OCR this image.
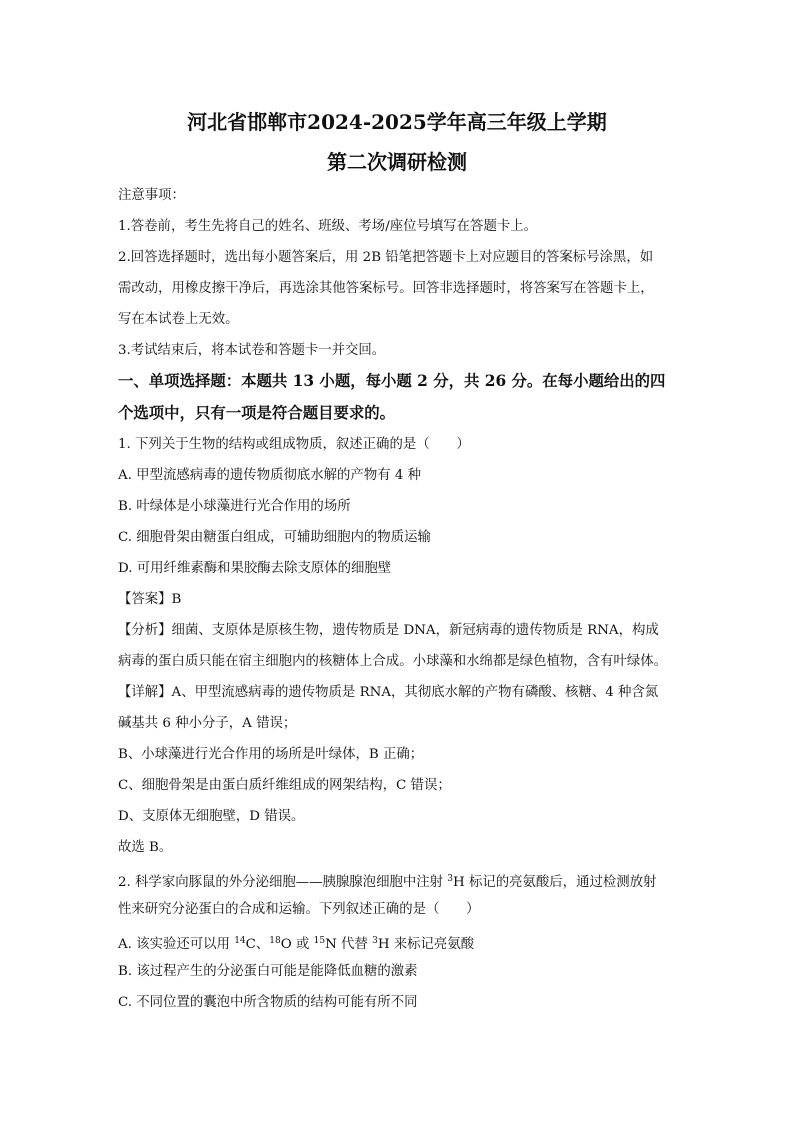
河北省邯郸市2024-2025学年高三年级上学期
第二次调研检测
注意事项：
1.答卷前，考生先将自己的姓名、班级、考场/座位号填写在答题卡上。
2.回答选择题时，选出每小题答案后，用 2B 铅笔把答题卡上对应题目的答案标号涂黑，如
需改动，用橡皮擦干净后，再选涂其他答案标号。回答非选择题时，将答案写在答题卡上，
写在本试卷上无效。
3.考试结束后，将本试卷和答题卡一并交回。
一、单项选择题：本题共 13 小题，每小题 2 分，共 26 分。在每小题给出的四
个选项中，只有一项是符合题目要求的。
1. 下列关于生物的结构或组成物质，叙述正确的是（　　）
A. 甲型流感病毒的遗传物质彻底水解的产物有 4 种
B. 叶绿体是小球藻进行光合作用的场所
C. 细胞骨架由糖蛋白组成，可辅助细胞内的物质运输
D. 可用纤维素酶和果胶酶去除支原体的细胞壁
【答案】B
【分析】细菌、支原体是原核生物，遗传物质是 DNA，新冠病毒的遗传物质是 RNA，构成
病毒的蛋白质只能在宿主细胞内的核糖体上合成。小球藻和水绵都是绿色植物，含有叶绿体。
【详解】A、甲型流感病毒的遗传物质是 RNA，其彻底水解的产物有磷酸、核糖、4 种含氮
碱基共 6 种小分子，A 错误；
B、小球藻进行光合作用的场所是叶绿体，B 正确；
C、细胞骨架是由蛋白质纤维组成的网架结构，C 错误；
D、支原体无细胞壁，D 错误。
故选 B。
2. 科学家向豚鼠的外分泌细胞——胰腺腺泡细胞中注射 $^3$H 标记的亮氨酸后，通过检测放射
性来研究分泌蛋白的合成和运输。下列叙述正确的是（　　）
A. 该实验还可以用 $^{14}$C、$^{18}$O 或 $^{15}$N 代替 $^3$H 来标记亮氨酸
B. 该过程产生的分泌蛋白可能是能降低血糖的激素
C. 不同位置的囊泡中所含物质的结构可能有所不同
